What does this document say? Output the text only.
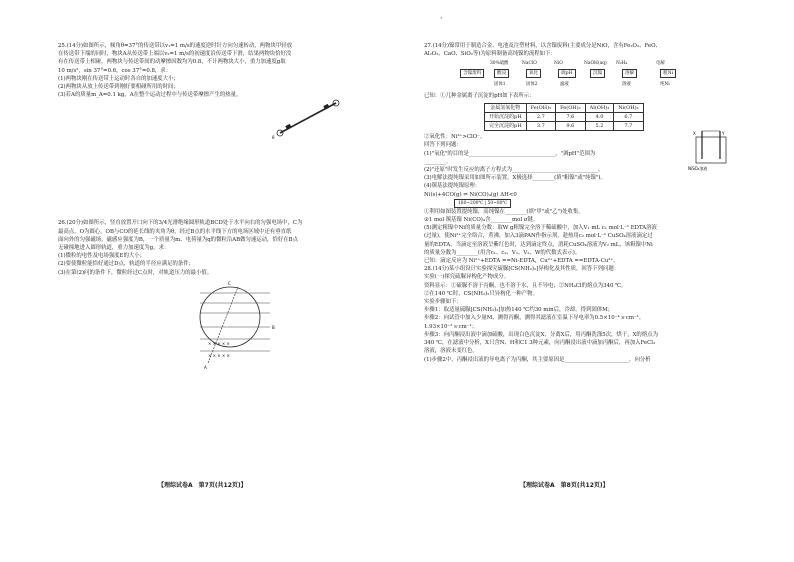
·

25.(14分)如图所示，倾角θ=37°的传送带以v₁=1 m/s的速度逆时针方向匀速转动，两物块甲轻放

在传送带下端的同时，物块A从传送带上端以v₂=1 m/s的初速度沿传送带下滑，结果两物块恰好没

有在传送带上相碰，两物块与传送带间的动摩擦因数均为0.8，不计两物块大小，重力加速度g取

10 m/s²，sin 37°=0.6，cos 37°=0.8，求：

(1)两物块刚在传送带上运动时各自的加速度大小；

(2)两物块从放上传送带到刚好要相碰所用的时间；

(3)若A的质量m_A=0.1 kg，A在整个运动过程中与传送带摩擦产生的热量。

θ

26.(20分)如图所示，竖直放置开口向下的3/4光滑绝缘圆形轨道BCD处于水平向右的匀强电场中，C为

最高点，O为圆心，OB与CO的延长线的夹角为θ，经过B点的水平线下方的电场区域中还有垂直纸

面向外的匀强磁场，磁感应强度为B，一个质量为m、电荷量为q的微粒沿AB做匀速运动，恰好在B点

无碰撞地进入圆形轨道，重力加速度为g，求：

(1)微粒的电性及电场强度E的大小；

(2)要使微粒能恰好通过D点，轨道的半径应满足的条件；

(3)在第(2)问的条件下，微粒经过C点时，对轨道压力的最小值。

× × × × ×
× × × × ×
C
B
A

27.(14分)镍常用于制造合金、电池及注塑材料，以含镍废料(主要成分是NiO，含有Fe₂O₃、FeO、

Al₂O₃、CaO、SiO₂等)为原料制备高纯镍的流程如下：

含镍废料	酸浸	氧化	调pH	沉镍	溶解	粗Ni
30%硫酸	NaClO	NiO	NaOH(aq) N₂H₄	电解
固体1	固体2	滤液	溶液	纯Ni

已知：①几种金属离子沉淀的pH如下表所示：

金属氢氧化物	Fe(OH)₃	Fe(OH)₂	Al(OH)₃	Ni(OH)₂
开始沉淀的pH	2.7	7.6	4.0	6.7
完全沉淀的pH	3.7	9.6	5.2	7.7

②氧化性：Ni³⁺>ClO⁻。

回答下列问题：

(1)"氧化"的目的是________________________________，"调pH"范围为

________。

(2)"还原"时发生反应的离子方程式为________________________________。

(3)电解法提纯镍采用如图所示装置，X极选择________(填"粗镍"或"纯镍")。

(4)羰基法提纯镍原理：

X	Y
NiSO₄溶液

Ni(s)+4CO(g) ⇌ Ni(CO)₄(g) ΔH<0

180~200℃ | 50~80℃

①利用如图装置提纯镍，高纯镍在________(填"甲"或"乙")处收集。

②1 mol 羰基镍 Ni(CO)₄含________mol σ键。

(5)测定粗镍中Ni的质量分数：取W g粗镍完全溶于稀硫酸中，加入V₁ mL c₁ mol·L⁻¹ EDTA溶液

(过量)，使Ni²⁺完全络合，煮沸，加入3滴PAN作指示剂，趁热用c₂ mol·L⁻¹ CuSO₄溶液滴定过

量的EDTA，当滴定至溶液呈紫红色时，达到滴定终点，消耗CuSO₄溶液为V₂ mL，该粗镍中Ni

的质量分数为________(用含c₁、c₂、V₁、V₂、W的代数式表示)。

已知：滴定反应为 Ni²⁺+EDTA ==Ni-EDTA，Cu²⁺+EDTA ==EDTA-Cu²⁺。

28.(14分)某小组设计实验探究硫脲[CS(NH₂)₂]异构化及其性质，回答下列问题：

实验(一)探究硫脲异构化产物成分。

资料显示：①硫脲不溶于丙酮，也不溶于水，且不导电；②NH₄Cl的熔点为340 ℃。

②在140 ℃时，CS(NH₂)₂只异构化一种产物。

实验步骤如下：

步骤1：取适量硫脲[CS(NH₂)₂]加热140 ℃约30 min后，冷却，得到固体M；

步骤2：向试管中加入少量M，测得丙酮，测得其滤液在室温下导电率为0.5×10⁻⁴ s·cm⁻¹，

1.93×10⁻² s·cm⁻¹；

步骤3：向丙酮浸出液中滴加硫酸，出现白色沉淀X，分离X后，用丙酮洗涤5次，烘干，X的熔点为

340 ℃，在滤液中分析，X只含N、H和C1 3种元素，向丙酮浸出液中滴加丙酮后，再加入FeCl₃

溶液，溶液未变红色。

(1)步骤2中，丙酮浸出液的导电离子为丙酮，其主要原因是________________________，向分析

【理综试卷A　第7页(共12页)】	【理综试卷A　第8页(共12页)】
